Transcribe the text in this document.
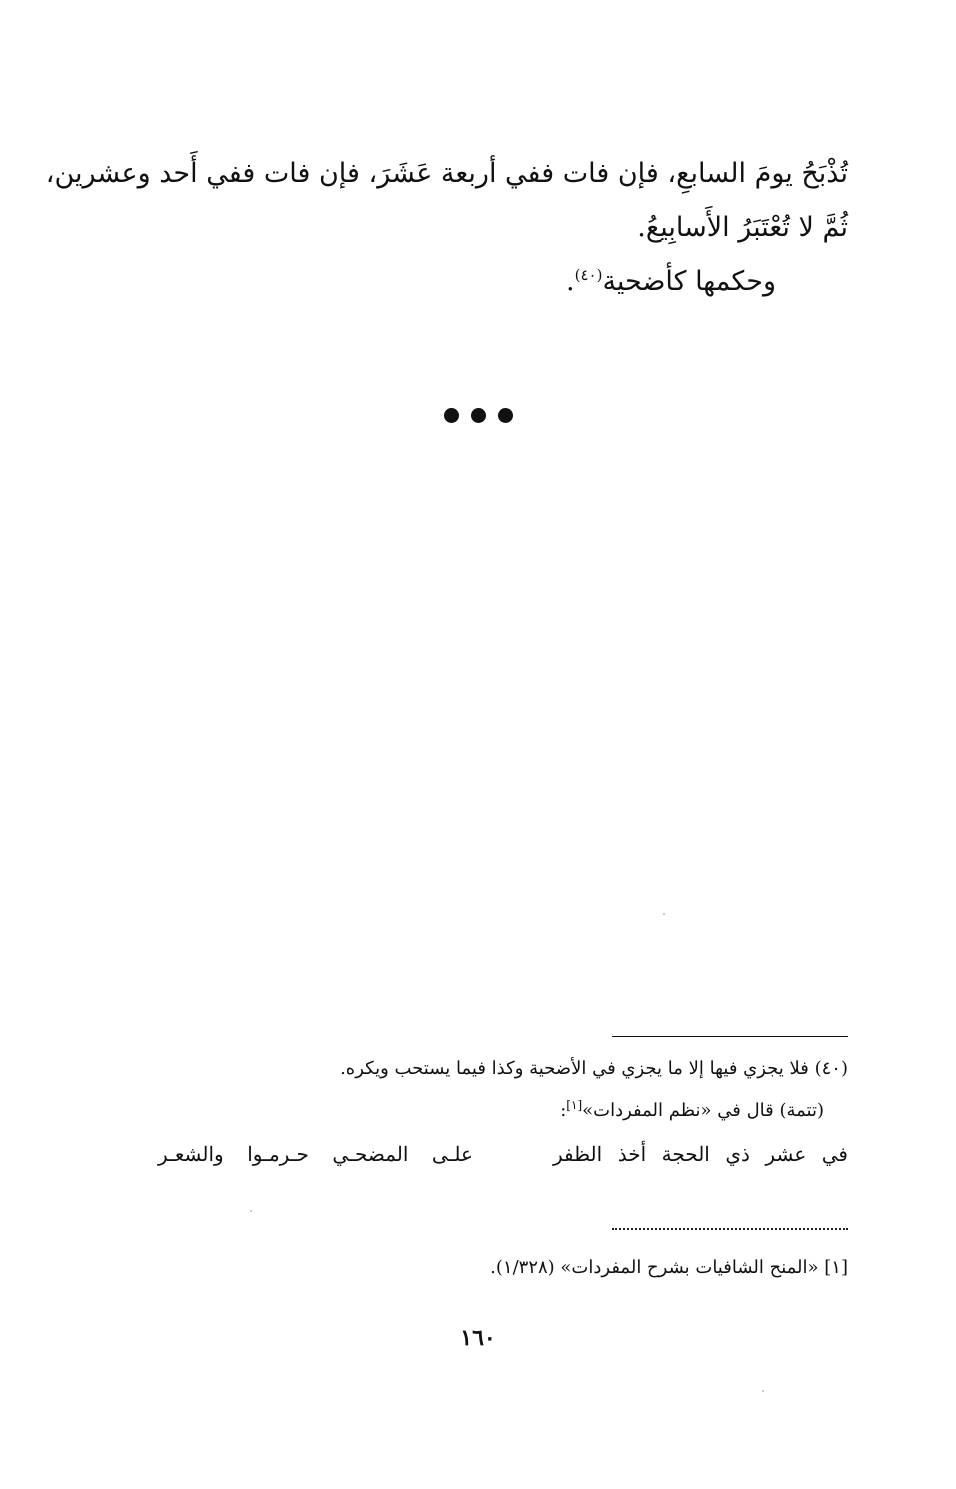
تُذْبَحُ يومَ السابعِ، فإن فات ففي أربعة عَشَرَ، فإن فات ففي أَحد وعشرين،
ثُمَّ لا تُعْتَبَرُ الأَسابِيعُ.
وحكمها كأضحية$^{(٤٠)}$.
(٤٠) فلا يجزي فيها إلا ما يجزي في الأضحية وكذا فيما يستحب ويكره.
(تتمة) قال في «نظم المفردات»[١]:
في عشر ذي الحجة أخذ الظفر
علـى المضحـي حـرمـوا والشعـر
[١] «المنح الشافيات بشرح المفردات» (١/٣٢٨).
١٦٠
